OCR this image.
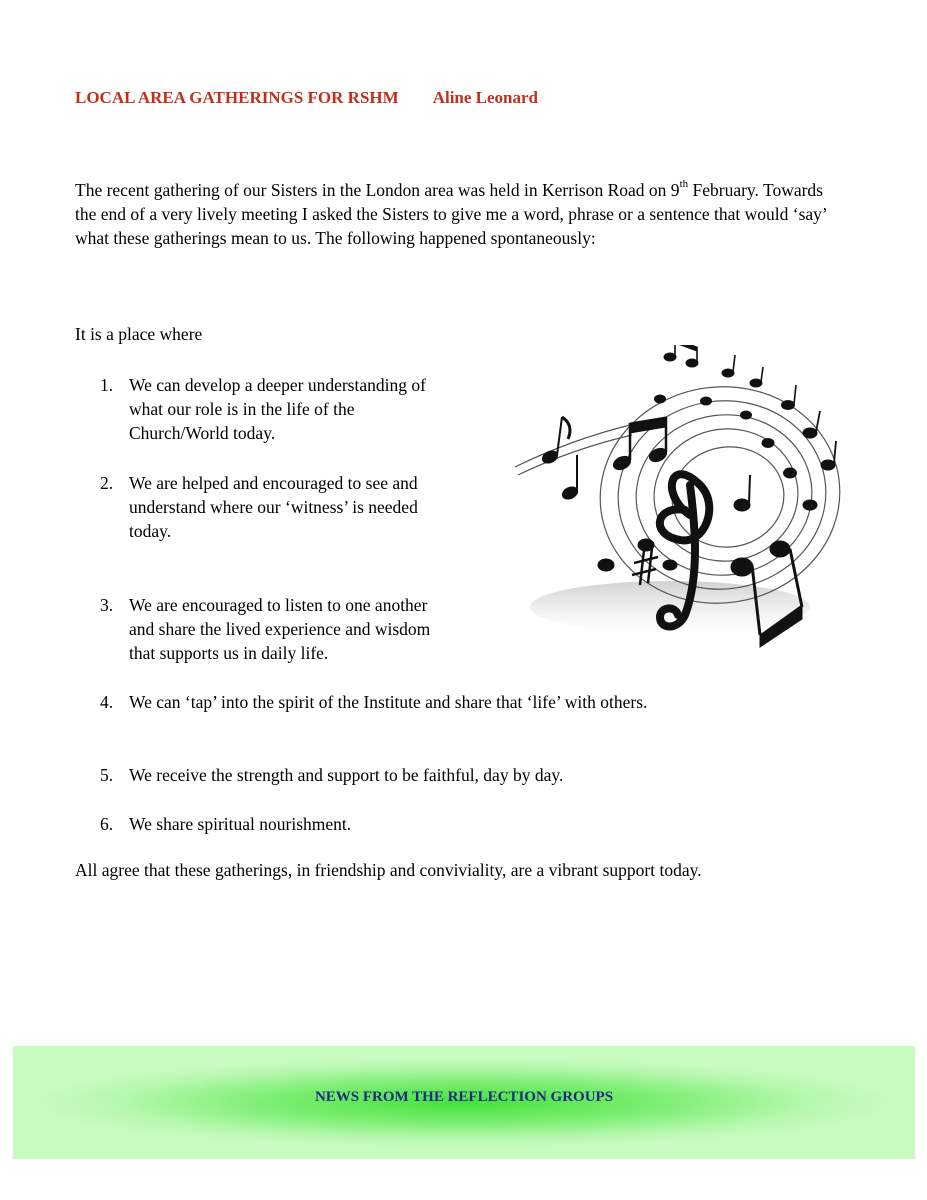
LOCAL AREA GATHERINGS FOR RSHM Aline Leonard
The recent gathering of our Sisters in the London area was held in Kerrison Road on 9th February. Towards the end of a very lively meeting I asked the Sisters to give me a word, phrase or a sentence that would ‘say’ what these gatherings mean to us. The following happened spontaneously:
It is a place where
1. We can develop a deeper understanding of
what our role is in the life of the
Church/World today.
2. We are helped and encouraged to see and
understand where our ‘witness’ is needed
today.
3. We are encouraged to listen to one another
and share the lived experience and wisdom
that supports us in daily life.
4. We can ‘tap’ into the spirit of the Institute and share that ‘life’ with others.
5. We receive the strength and support to be faithful, day by day.
6. We share spiritual nourishment.
All agree that these gatherings, in friendship and conviviality, are a vibrant support today.
NEWS FROM THE REFLECTION GROUPS
